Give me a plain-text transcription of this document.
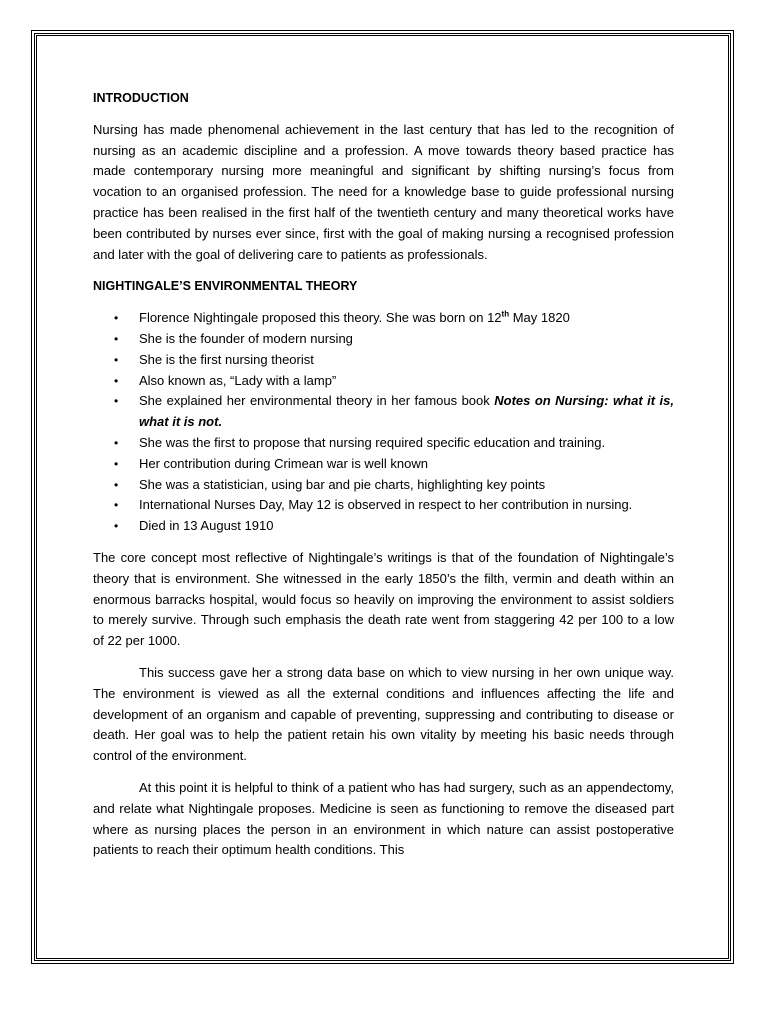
INTRODUCTION

Nursing has made phenomenal achievement in the last century that has led to the recognition of nursing as an academic discipline and a profession. A move towards theory based practice has made contemporary nursing more meaningful and significant by shifting nursing’s focus from vocation to an organised profession. The need for a knowledge base to guide professional nursing practice has been realised in the first half of the twentieth century and many theoretical works have been contributed by nurses ever since, first with the goal of making nursing a recognised profession and later with the goal of delivering care to patients as professionals.

NIGHTINGALE’S ENVIRONMENTAL THEORY
• Florence Nightingale proposed this theory. She was born on 12th May 1820
• She is the founder of modern nursing
• She is the first nursing theorist
• Also known as, “Lady with a lamp”
• She explained her environmental theory in her famous book Notes on Nursing: what it is, what it is not.
• She was the first to propose that nursing required specific education and training.
• Her contribution during Crimean war is well known
• She was a statistician, using bar and pie charts, highlighting key points
• International Nurses Day, May 12 is observed in respect to her contribution in nursing.
• Died in 13 August 1910

The core concept most reflective of Nightingale’s writings is that of the foundation of Nightingale’s theory that is environment. She witnessed in the early 1850’s the filth, vermin and death within an enormous barracks hospital, would focus so heavily on improving the environment to assist soldiers to merely survive. Through such emphasis the death rate went from staggering 42 per 100 to a low of 22 per 1000.

This success gave her a strong data base on which to view nursing in her own unique way. The environment is viewed as all the external conditions and influences affecting the life and development of an organism and capable of preventing, suppressing and contributing to disease or death. Her goal was to help the patient retain his own vitality by meeting his basic needs through control of the environment.

At this point it is helpful to think of a patient who has had surgery, such as an appendectomy, and relate what Nightingale proposes. Medicine is seen as functioning to remove the diseased part where as nursing places the person in an environment in which nature can assist postoperative patients to reach their optimum health conditions. This
